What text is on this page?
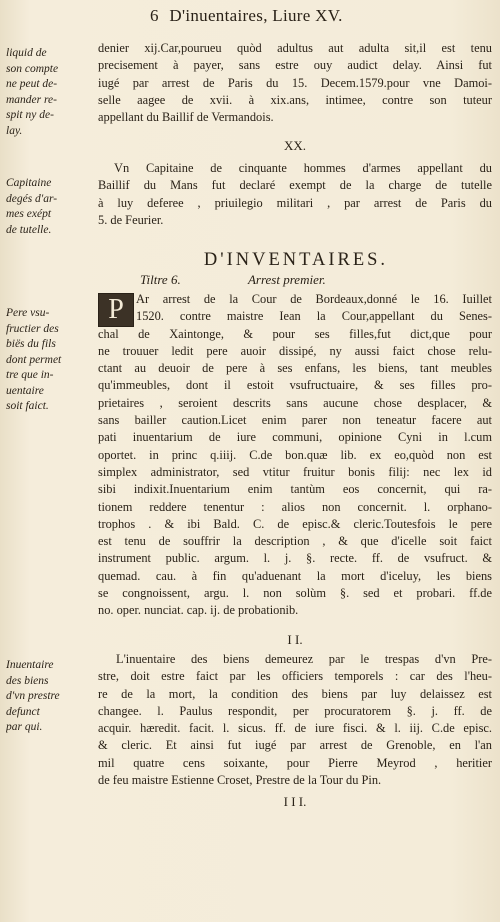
6 D'inuentaires, Liure XV.
liquid de
son compte
ne peut de-
mander re-
spit ny de-
lay.
denier xij.Car,pourueu quòd adultus aut adulta sit,il est tenu
precisement à payer, sans estre ouy audict delay. Ainsi fut
iugé par arrest de Paris du 15. Decem.1579.pour vne Damoi-
selle aagee de xvii. à xix.ans, intimee, contre son tuteur
appellant du Baillif de Vermandois.
XX.
Capitaine
degés d'ar-
mes exépt
de tutelle.
Vn Capitaine de cinquante hommes d'armes appellant du
Baillif du Mans fut declaré exempt de la charge de tutelle
à luy deferee , priuilegio militari , par arrest de Paris du
5. de Feurier.
D'INVENTAIRES.
Tiltre 6.	Arrest premier.
P
Pere vsu-
fructier des
biës du fils
dont permet
tre que in-
uentaire
soit faict.
Ar arrest de la Cour de Bordeaux,donné le 16. Iuillet
1520. contre maistre Iean la Cour,appellant du Senes-
chal de Xaintonge, & pour ses filles,fut dict,que pour
ne trouuer ledit pere auoir dissipé, ny aussi faict chose relu-
ctant au deuoir de pere à ses enfans, les biens, tant meubles
qu'immeubles, dont il estoit vsufructuaire, & ses filles pro-
prietaires , seroient descrits sans aucune chose desplacer, &
sans bailler caution.Licet enim parer non teneatur facere aut
pati inuentarium de iure communi, opinione Cyni in l.cum
oportet. in princ q.iiij. C.de bon.quæ lib. ex eo,quòd non est
simplex administrator, sed vtitur fruitur bonis filij: nec lex id
sibi indixit.Inuentarium enim tantùm eos concernit, qui ra-
tionem reddere tenentur : alios non concernit. l. orphano-
trophos . & ibi Bald. C. de episc.& cleric.Toutesfois le pere
est tenu de souffrir la description , & que d'icelle soit faict
instrument public. argum. l. j. §. recte. ff. de vsufruct. &
quemad. cau. à fin qu'aduenant la mort d'iceluy, les biens
se congnoissent, argu. l. non solùm §. sed et probari. ff.de
no. oper. nunciat. cap. ij. de probationib.
I I.
Inuentaire
des biens
d'vn prestre
defunct
par qui.
L'inuentaire des biens demeurez par le trespas d'vn Pre-
stre, doit estre faict par les officiers temporels : car des l'heu-
re de la mort, la condition des biens par luy delaissez est
changee. l. Paulus respondit, per procuratorem §. j. ff. de
acquir. hæredit. facit. l. sicus. ff. de iure fisci. & l. iij. C.de episc.
& cleric. Et ainsi fut iugé par arrest de Grenoble, en l'an
mil quatre cens soixante, pour Pierre Meyrod , heritier
de feu maistre Estienne Croset, Prestre de la Tour du Pin.
I I I.
